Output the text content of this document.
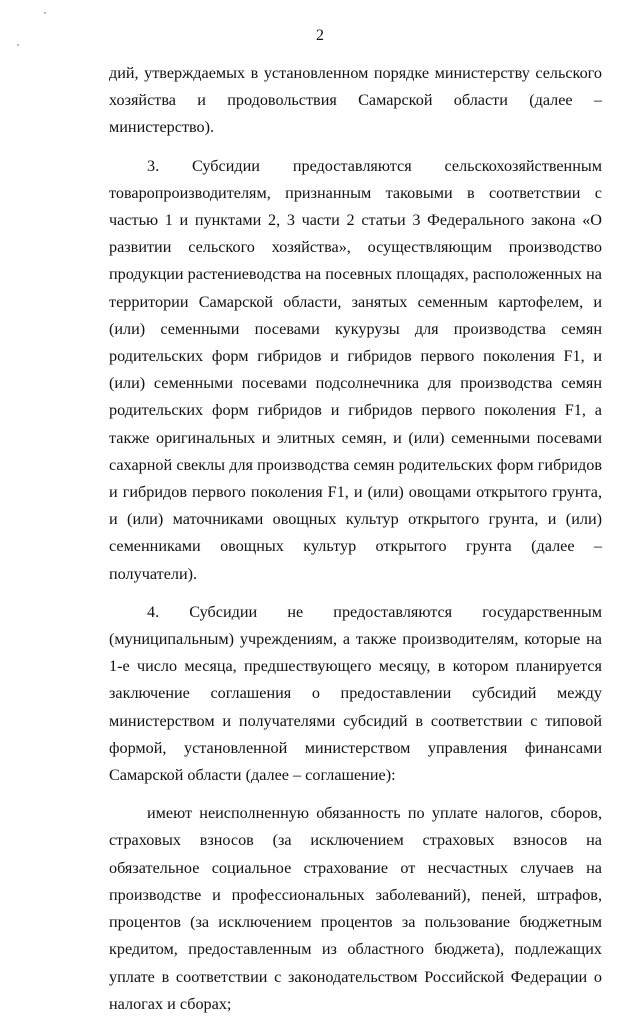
2

дий, утверждаемых в установленном порядке министерству сельского хозяйства и продовольствия Самарской области (далее – министерство).

3. Субсидии предоставляются сельскохозяйственным товаропроизводителям, признанным таковыми в соответствии с частью 1 и пунктами 2, 3 части 2 статьи 3 Федерального закона «О развитии сельского хозяйства», осуществляющим производство продукции растениеводства на посевных площадях, расположенных на территории Самарской области, занятых семенным картофелем, и (или) семенными посевами кукурузы для производства семян родительских форм гибридов и гибридов первого поколения F1, и (или) семенными посевами подсолнечника для производства семян родительских форм гибридов и гибридов первого поколения F1, а также оригинальных и элитных семян, и (или) семенными посевами сахарной свеклы для производства семян родительских форм гибридов и гибридов первого поколения F1, и (или) овощами открытого грунта, и (или) маточниками овощных культур открытого грунта, и (или) семенниками овощных культур открытого грунта (далее – получатели).

4. Субсидии не предоставляются государственным (муниципальным) учреждениям, а также производителям, которые на 1-е число месяца, предшествующего месяцу, в котором планируется заключение соглашения о предоставлении субсидий между министерством и получателями субсидий в соответствии с типовой формой, установленной министерством управления финансами Самарской области (далее – соглашение):

имеют неисполненную обязанность по уплате налогов, сборов, страховых взносов (за исключением страховых взносов на обязательное социальное страхование от несчастных случаев на производстве и профессиональных заболеваний), пеней, штрафов, процентов (за исключением процентов за пользование бюджетным кредитом, предоставленным из областного бюджета), подлежащих уплате в соответствии с законодательством Российской Федерации о налогах и сборах;
